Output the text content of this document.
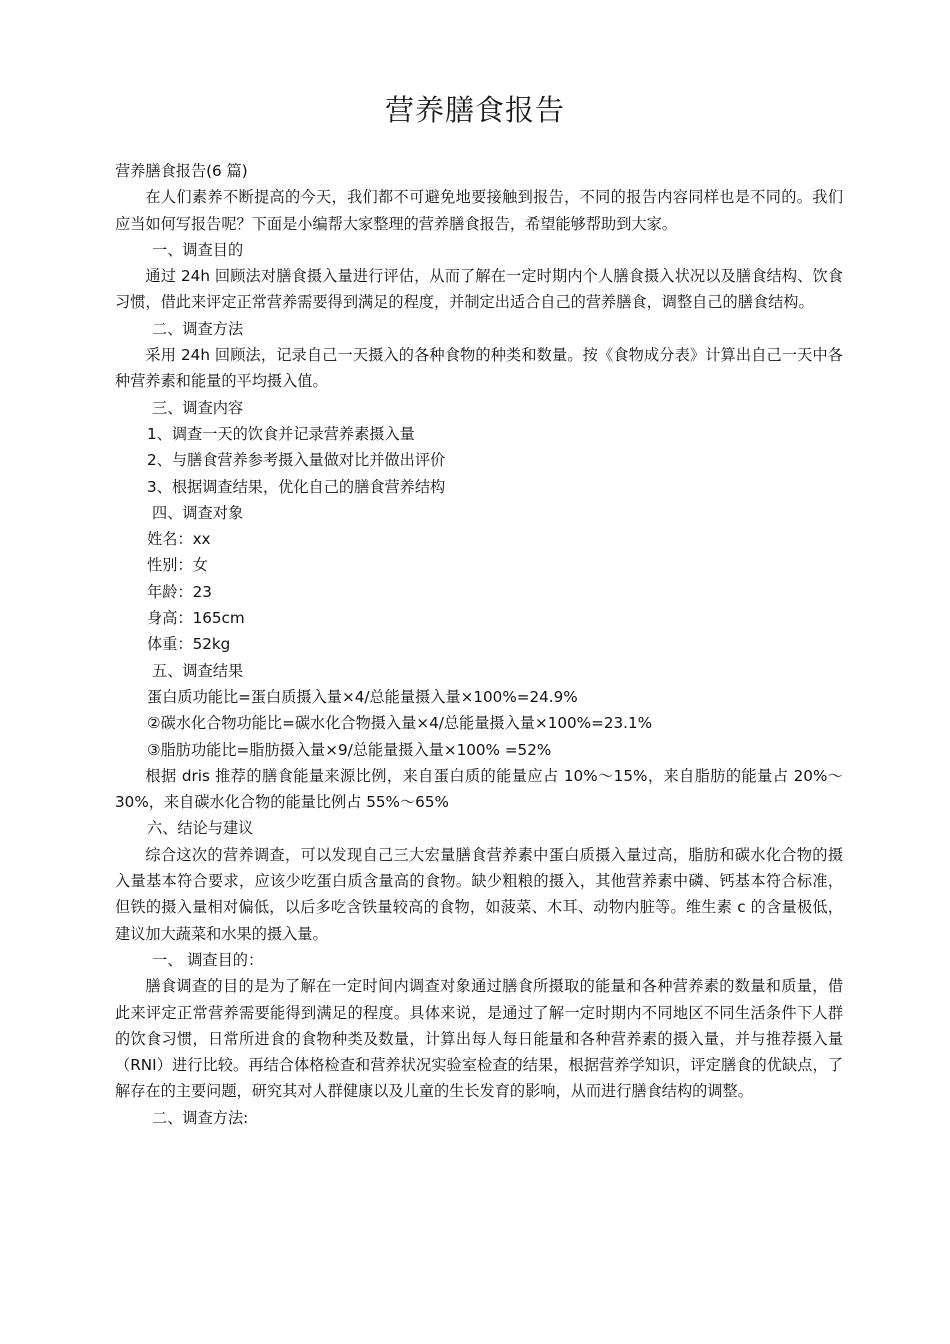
营养膳食报告

营养膳食报告(6 篇)

在人们素养不断提高的今天，我们都不可避免地要接触到报告，不同的报告内容同样也是不同的。我们应当如何写报告呢？下面是小编帮大家整理的营养膳食报告，希望能够帮助到大家。

一、调查目的

通过 24h 回顾法对膳食摄入量进行评估，从而了解在一定时期内个人膳食摄入状况以及膳食结构、饮食习惯，借此来评定正常营养需要得到满足的程度，并制定出适合自己的营养膳食，调整自己的膳食结构。

二、调查方法

采用 24h 回顾法，记录自己一天摄入的各种食物的种类和数量。按《食物成分表》计算出自己一天中各种营养素和能量的平均摄入值。

三、调查内容

1、调查一天的饮食并记录营养素摄入量

2、与膳食营养参考摄入量做对比并做出评价

3、根据调查结果，优化自己的膳食营养结构

四、调查对象

姓名：xx

性别：女

年龄：23

身高：165cm

体重：52kg

五、调查结果

蛋白质功能比=蛋白质摄入量×4/总能量摄入量×100%=24.9%

②碳水化合物功能比=碳水化合物摄入量×4/总能量摄入量×100%=23.1%

③脂肪功能比=脂肪摄入量×9/总能量摄入量×100% =52%

根据 dris 推荐的膳食能量来源比例，来自蛋白质的能量应占 10%～15%，来自脂肪的能量占 20%～30%，来自碳水化合物的能量比例占 55%～65%

六、结论与建议

综合这次的营养调查，可以发现自己三大宏量膳食营养素中蛋白质摄入量过高，脂肪和碳水化合物的摄入量基本符合要求，应该少吃蛋白质含量高的食物。缺少粗粮的摄入，其他营养素中磷、钙基本符合标准，但铁的摄入量相对偏低，以后多吃含铁量较高的食物，如菠菜、木耳、动物内脏等。维生素 c 的含量极低，建议加大蔬菜和水果的摄入量。

一、 调查目的：

膳食调查的目的是为了解在一定时间内调查对象通过膳食所摄取的能量和各种营养素的数量和质量，借此来评定正常营养需要能得到满足的程度。具体来说，是通过了解一定时期内不同地区不同生活条件下人群的饮食习惯，日常所进食的食物种类及数量，计算出每人每日能量和各种营养素的摄入量，并与推荐摄入量（RNI）进行比较。再结合体格检查和营养状况实验室检查的结果，根据营养学知识，评定膳食的优缺点，了解存在的主要问题，研究其对人群健康以及儿童的生长发育的影响，从而进行膳食结构的调整。

二、调查方法:
